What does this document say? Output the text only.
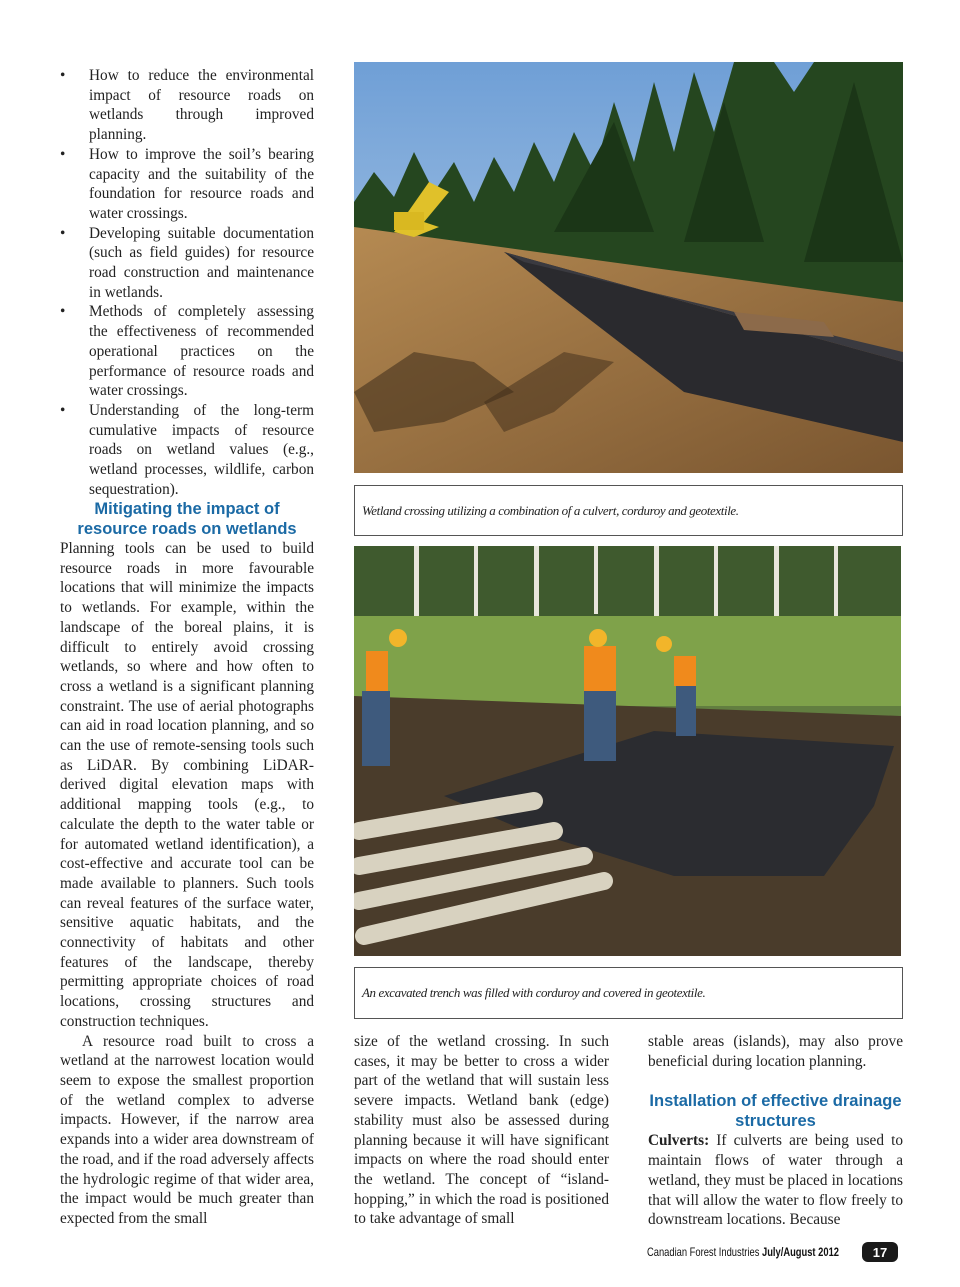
• How to reduce the environmental impact of resource roads on wetlands through improved planning.
• How to improve the soil’s bearing capacity and the suitability of the foundation for resource roads and water crossings.
• Developing suitable documentation (such as field guides) for resource road construction and maintenance in wetlands.
• Methods of completely assessing the effectiveness of recommended operational practices on the performance of resource roads and water crossings.
• Understanding of the long-term cumulative impacts of resource roads on wetland values (e.g., wetland processes, wildlife, carbon sequestration).
Mitigating the impact of resource roads on wetlands

Planning tools can be used to build resource roads in more favourable locations that will minimize the impacts to wetlands. For example, within the landscape of the boreal plains, it is difficult to entirely avoid crossing wetlands, so where and how often to cross a wetland is a significant planning constraint. The use of aerial photographs can aid in road location planning, and so can the use of remote-sensing tools such as LiDAR. By combining LiDAR-derived digital elevation maps with additional mapping tools (e.g., to calculate the depth to the water table or for automated wetland identification), a cost-effective and accurate tool can be made available to planners. Such tools can reveal features of the surface water, sensitive aquatic habitats, and the connectivity of habitats and other features of the landscape, thereby permitting appropriate choices of road locations, crossing structures and construction techniques.

A resource road built to cross a wetland at the narrowest location would seem to expose the smallest proportion of the wetland complex to adverse impacts. However, if the narrow area expands into a wider area downstream of the road, and if the road adversely affects the hydrologic regime of that wider area, the impact would be much greater than expected from the small

Wetland crossing utilizing a combination of a culvert, corduroy and geotextile.
An excavated trench was filled with corduroy and covered in geotextile.

size of the wetland crossing. In such cases, it may be better to cross a wider part of the wetland that will sustain less severe impacts. Wetland bank (edge) stability must also be assessed during planning because it will have significant impacts on where the road should enter the wetland. The concept of “island-hopping,” in which the road is positioned to take advantage of small

stable areas (islands), may also prove beneficial during location planning.

Installation of effective drainage structures

Culverts: If culverts are being used to maintain flows of water through a wetland, they must be placed in locations that will allow the water to flow freely to downstream locations. Because

Canadian Forest Industries July/August 2012	17
